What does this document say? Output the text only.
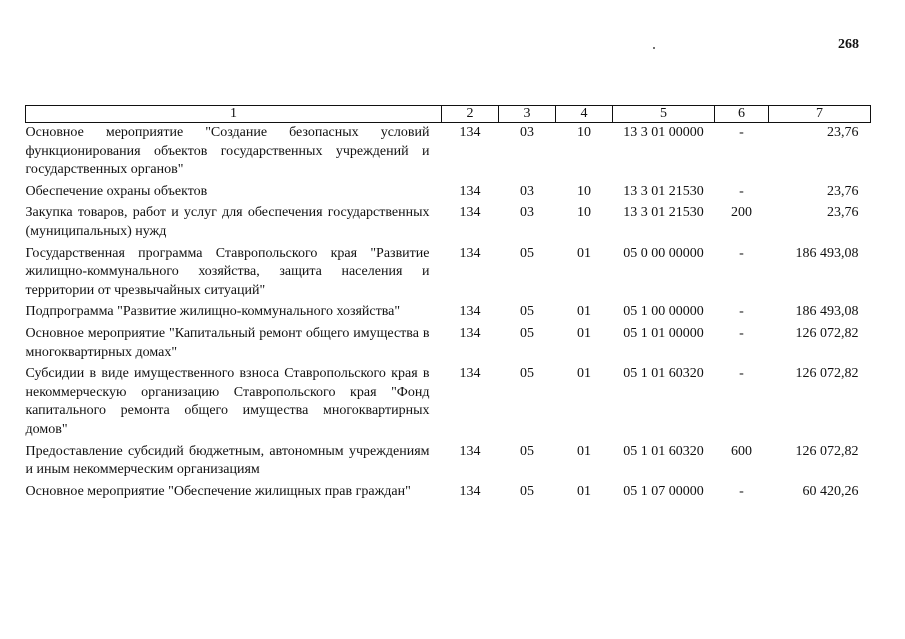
268
1	2	3	4	5	6	7
Основное мероприятие "Создание безопасных условий функционирования объектов государственных учреждений и государственных органов"	134	03	10	13 3 01 00000	-	23,76
Обеспечение охраны объектов	134	03	10	13 3 01 21530	-	23,76
Закупка товаров, работ и услуг для обеспечения государственных (муниципальных) нужд	134	03	10	13 3 01 21530	200	23,76
Государственная программа Ставропольского края "Развитие жилищно-коммунального хозяйства, защита населения и территории от чрезвычайных ситуаций"	134	05	01	05 0 00 00000	-	186 493,08
Подпрограмма "Развитие жилищно-коммунального хозяйства"	134	05	01	05 1 00 00000	-	186 493,08
Основное мероприятие "Капитальный ремонт общего имущества в многоквартирных домах"	134	05	01	05 1 01 00000	-	126 072,82
Субсидии в виде имущественного взноса Ставропольского края в некоммерческую организацию Ставропольского края "Фонд капитального ремонта общего имущества многоквартирных домов"	134	05	01	05 1 01 60320	-	126 072,82
Предоставление субсидий бюджетным, автономным учреждениям и иным некоммерческим организациям	134	05	01	05 1 01 60320	600	126 072,82
Основное мероприятие "Обеспечение жилищных прав граждан"	134	05	01	05 1 07 00000	-	60 420,26
